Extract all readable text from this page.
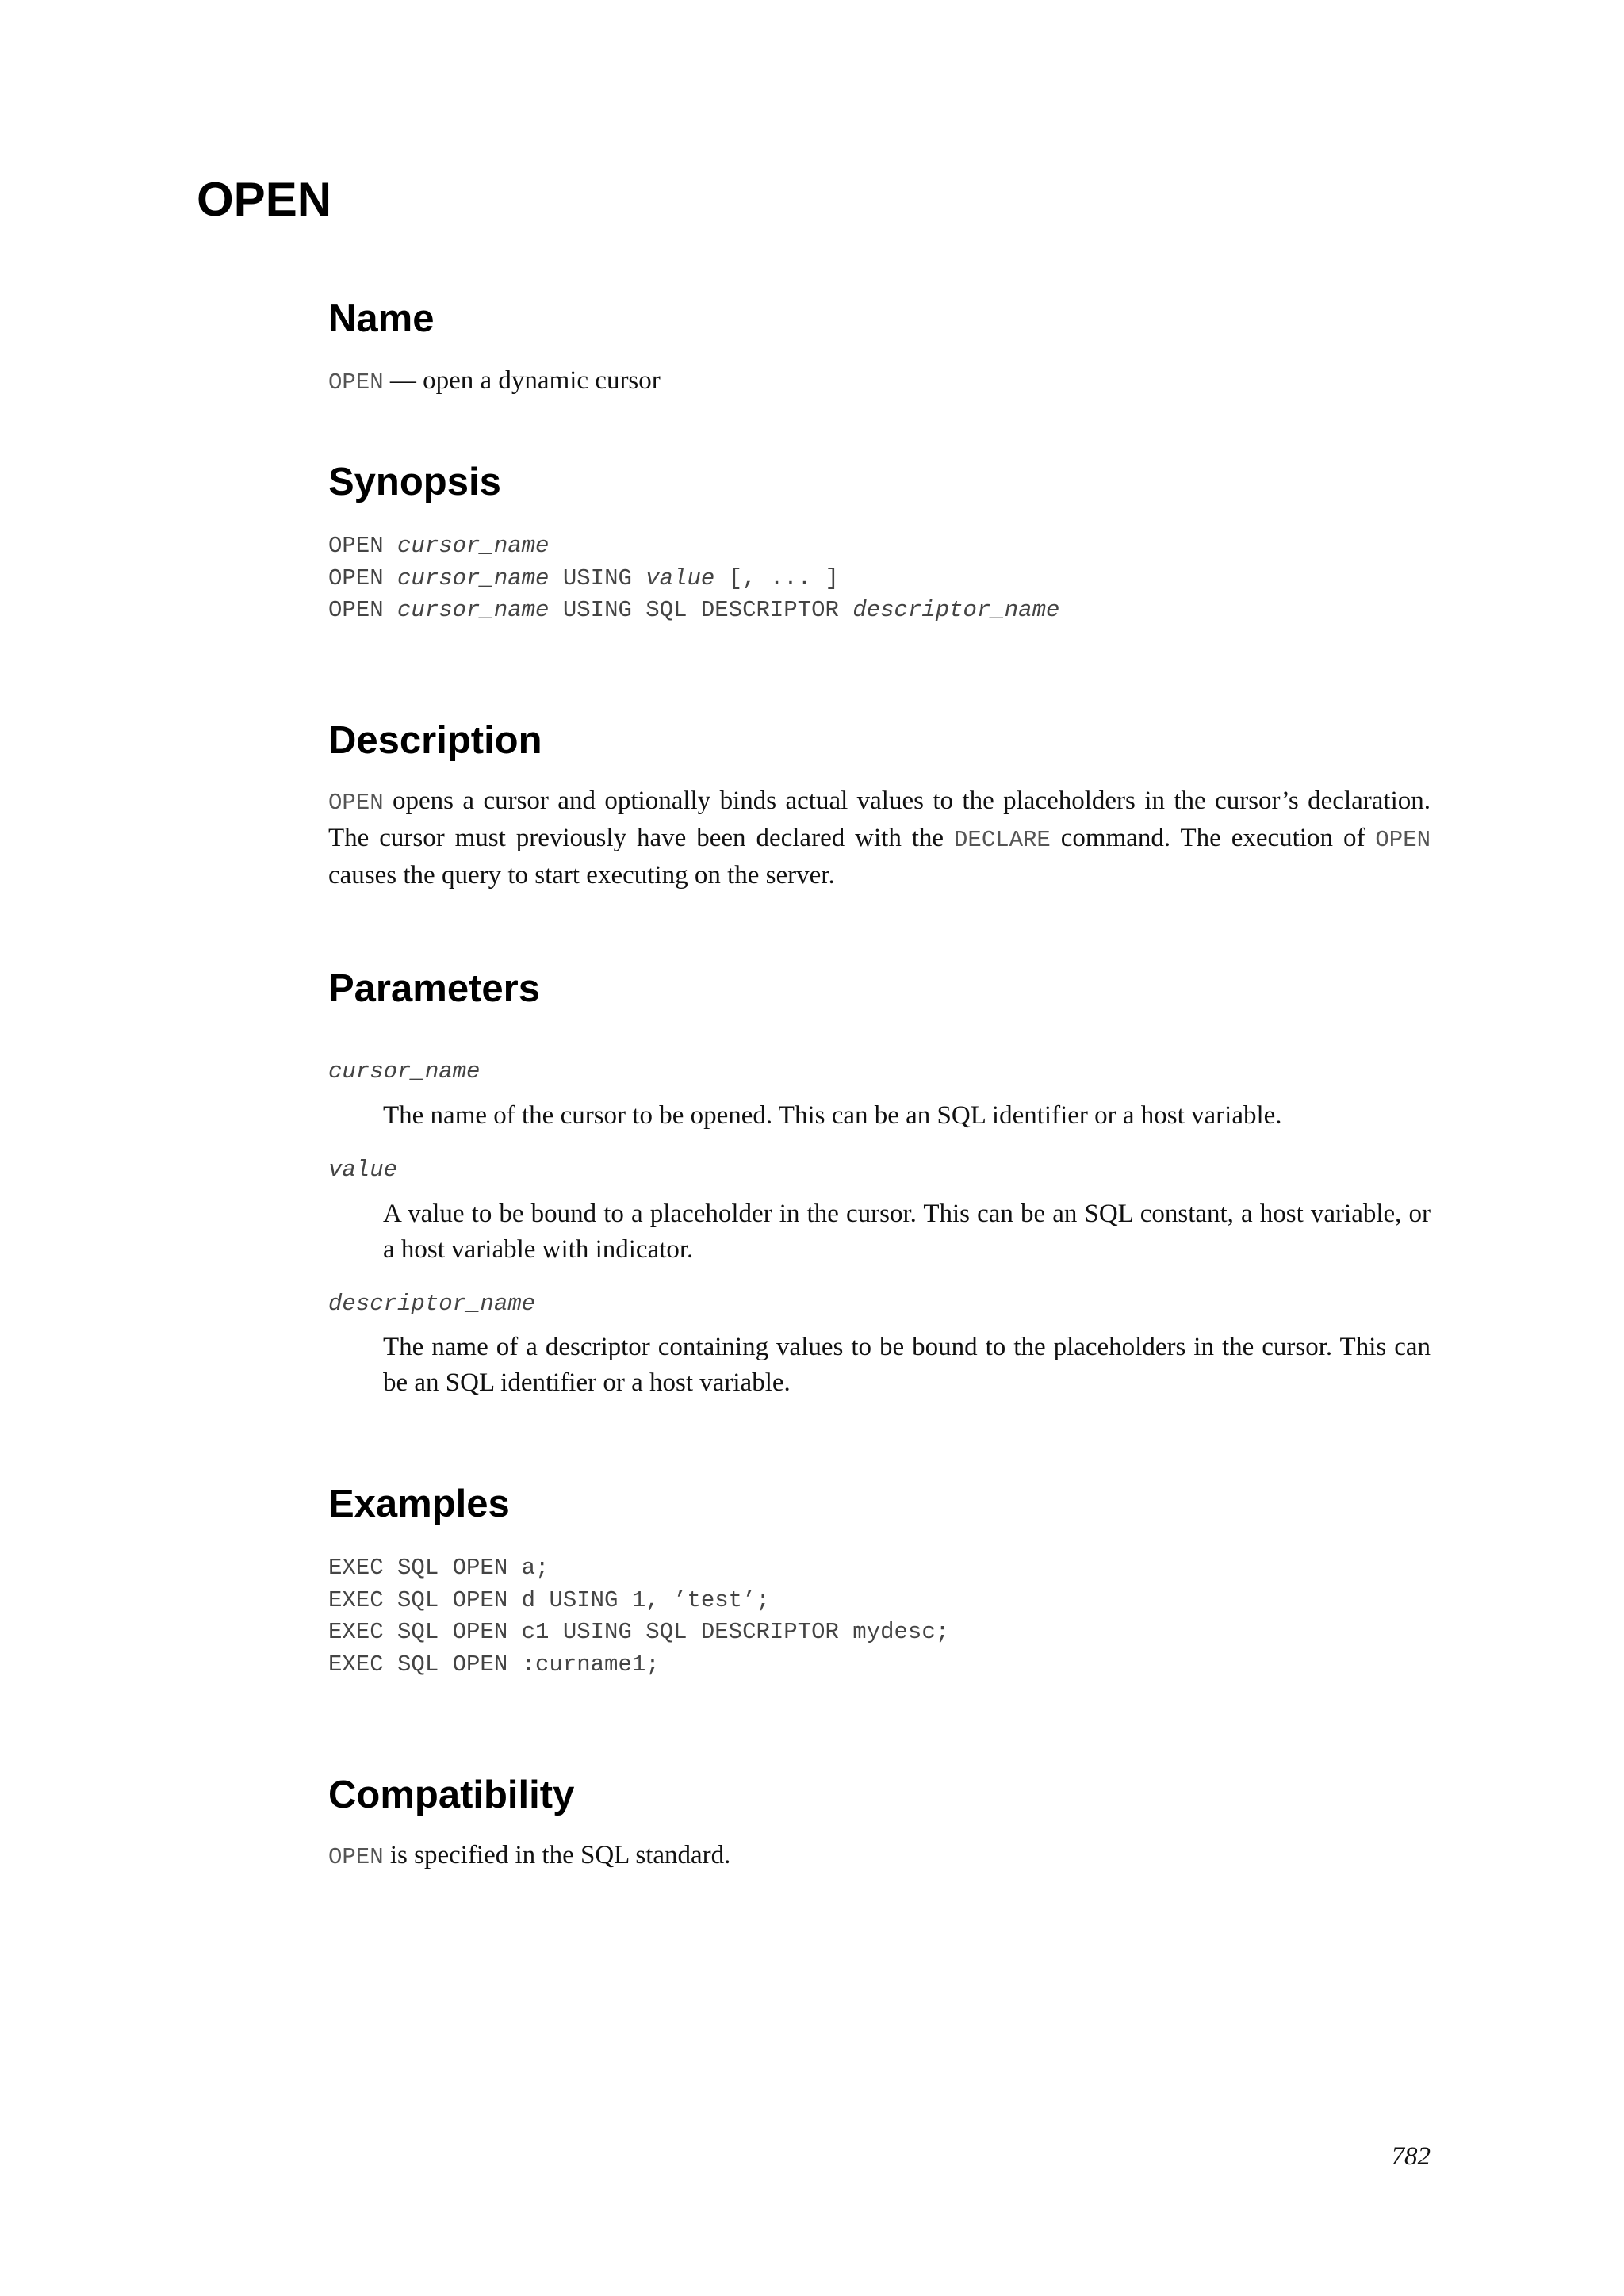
OPEN
Name

OPEN — open a dynamic cursor

Synopsis
OPEN cursor_name
OPEN cursor_name USING value [, ... ]
OPEN cursor_name USING SQL DESCRIPTOR descriptor_name
Description

OPEN opens a cursor and optionally binds actual values to the placeholders in the cursor’s declaration. The cursor must previously have been declared with the DECLARE command. The execution of OPEN causes the query to start executing on the server.

Parameters

cursor_name

The name of the cursor to be opened. This can be an SQL identifier or a host variable.

value

A value to be bound to a placeholder in the cursor. This can be an SQL constant, a host variable, or a host variable with indicator.

descriptor_name

The name of a descriptor containing values to be bound to the placeholders in the cursor. This can be an SQL identifier or a host variable.

Examples
EXEC SQL OPEN a;
EXEC SQL OPEN d USING 1, ’test’;
EXEC SQL OPEN c1 USING SQL DESCRIPTOR mydesc;
EXEC SQL OPEN :curname1;
Compatibility

OPEN is specified in the SQL standard.

782
